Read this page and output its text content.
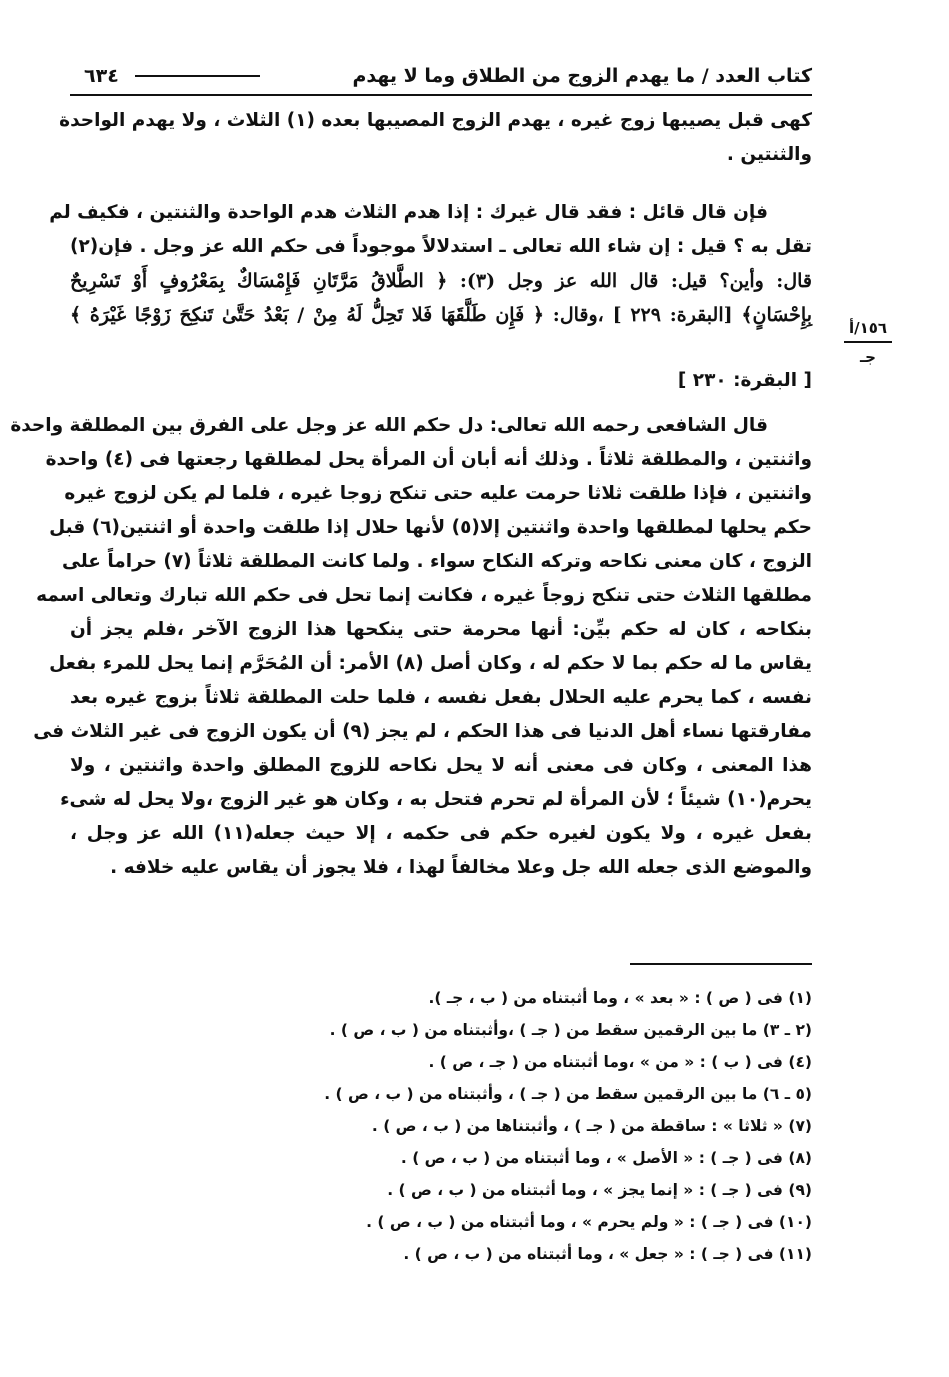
كتاب العدد / ما يهدم الزوج من الطلاق وما لا يهدم
٦٣٤
١٥٦/أ
جـ
كهى قبل يصيبها زوج غيره ، يهدم الزوج المصيبها بعده (١) الثلاث ، ولا يهدم الواحدة
والثنتين .
فإن قال قائل : فقد قال غيرك : إذا هدم الثلاث هدم الواحدة والثنتين ، فكيف لم
تقل به ؟ قيل : إن شاء الله تعالى ـ استدلالاً موجوداً فى حكم الله عز وجل . فإن(٢)
قال: وأين؟ قيل: قال الله عز وجل (٣): ﴿ الطَّلاقُ مَرَّتَانِ فَإِمْسَاكٌ بِمَعْرُوفٍ أَوْ تَسْرِيحٌ
بِإِحْسَانٍ﴾ [البقرة: ٢٢٩ ] ،وقال: ﴿ فَإِن طَلَّقَهَا فَلا تَحِلُّ لَهُ مِنْ / بَعْدُ حَتَّىٰ تَنكِحَ زَوْجًا غَيْرَهُ ﴾
[ البقرة: ٢٣٠ ]
قال الشافعى رحمه الله تعالى: دل حكم الله عز وجل على الفرق بين المطلقة واحدة
واثنتين ، والمطلقة ثلاثاً . وذلك أنه أبان أن المرأة يحل لمطلقها رجعتها فى (٤) واحدة
واثنتين ، فإذا طلقت ثلاثا حرمت عليه حتى تنكح زوجا غيره ، فلما لم يكن لزوج غيره
حكم يحلها لمطلقها واحدة واثنتين إلا(٥) لأنها حلال إذا طلقت واحدة أو اثنتين(٦) قبل
الزوج ، كان معنى نكاحه وتركه النكاح سواء . ولما كانت المطلقة ثلاثاً (٧) حراماً على
مطلقها الثلاث حتى تنكح زوجاً غيره ، فكانت إنما تحل فى حكم الله تبارك وتعالى اسمه
بنكاحه ، كان له حكم بيِّن: أنها محرمة حتى ينكحها هذا الزوج الآخر ،فلم يجز أن
يقاس ما له حكم بما لا حكم له ، وكان أصل (٨) الأمر: أن المُحَرَّم إنما يحل للمرء بفعل
نفسه ، كما يحرم عليه الحلال بفعل نفسه ، فلما حلت المطلقة ثلاثاً بزوج غيره بعد
مفارقتها نساء أهل الدنيا فى هذا الحكم ، لم يجز (٩) أن يكون الزوج فى غير الثلاث فى
هذا المعنى ، وكان فى معنى أنه لا يحل نكاحه للزوج المطلق واحدة واثنتين ، ولا
يحرم(١٠) شيئاً ؛ لأن المرأة لم تحرم فتحل به ، وكان هو غير الزوج ،ولا يحل له شىء
بفعل غيره ، ولا يكون لغيره حكم فى حكمه ، إلا حيث جعله(١١) الله عز وجل ،
والموضع الذى جعله الله جل وعلا مخالفاً لهذا ، فلا يجوز أن يقاس عليه خلافه .
(١) فى ( ص ) : « بعد » ، وما أثبتناه من ( ب ، جـ ).
(٢ ـ ٣) ما بين الرقمين سقط من ( جـ ) ،وأثبتناه من ( ب ، ص ) .
(٤) فى ( ب ) : « من » ،وما أثبتناه من ( جـ ، ص ) .
(٥ ـ ٦) ما بين الرقمين سقط من ( جـ ) ، وأثبتناه من ( ب ، ص ) .
(٧) « ثلاثا » : ساقطة من ( جـ ) ، وأثبتناها من ( ب ، ص ) .
(٨) فى ( جـ ) : « الأصل » ، وما أثبتناه من ( ب ، ص ) .
(٩) فى ( جـ ) : « إنما يجز » ، وما أثبتناه من ( ب ، ص ) .
(١٠) فى ( جـ ) : « ولم يحرم » ، وما أثبتناه من ( ب ، ص ) .
(١١) فى ( جـ ) : « جعل » ، وما أثبتناه من ( ب ، ص ) .
